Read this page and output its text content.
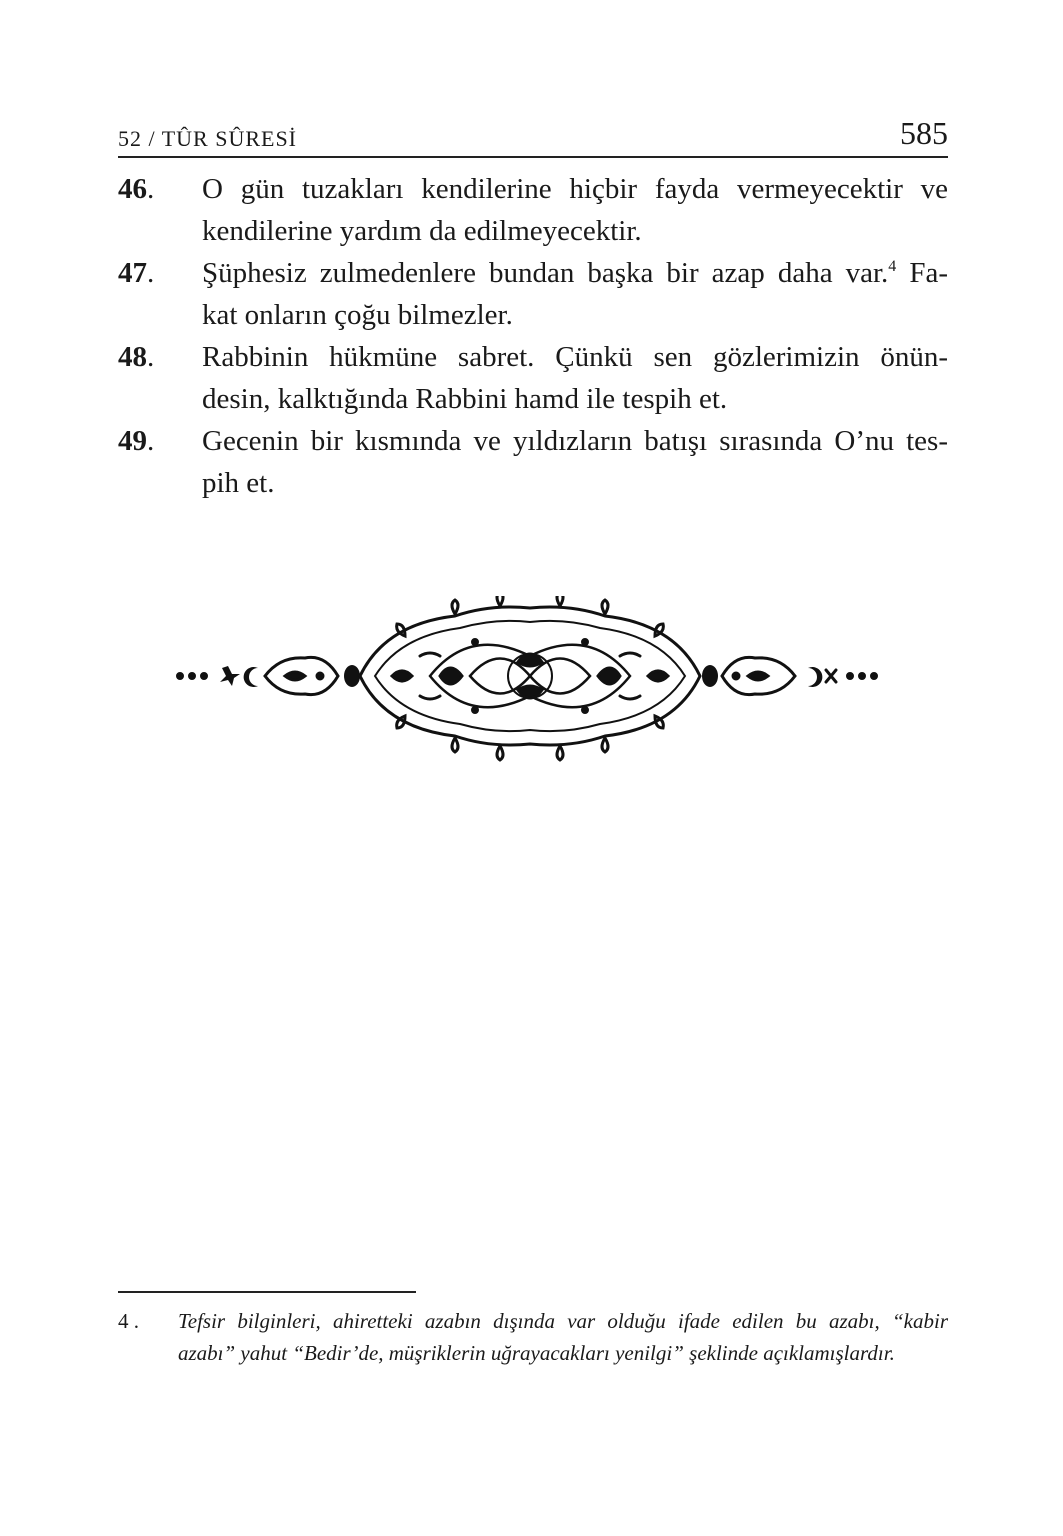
52 / TÛR SÛRESİ	585
46. O gün tuzakları kendilerine hiçbir fayda vermeyecektir ve
kendilerine yardım da edilmeyecektir.
47. Şüphesiz zulmedenlere bundan başka bir azap daha var.$^4$ Fa-
kat onların çoğu bilmezler.
48. Rabbinin hükmüne sabret. Çünkü sen gözlerimizin önün-
desin, kalktığında Rabbini hamd ile tespih et.
49. Gecenin bir kısmında ve yıldızların batışı sırasında O’nu tes-
pih et.
4 . Tefsir bilginleri, ahiretteki azabın dışında var olduğu ifade edilen bu azabı, “kabir
azabı” yahut “Bedir’de, müşriklerin uğrayacakları yenilgi” şeklinde açıklamışlardır.
